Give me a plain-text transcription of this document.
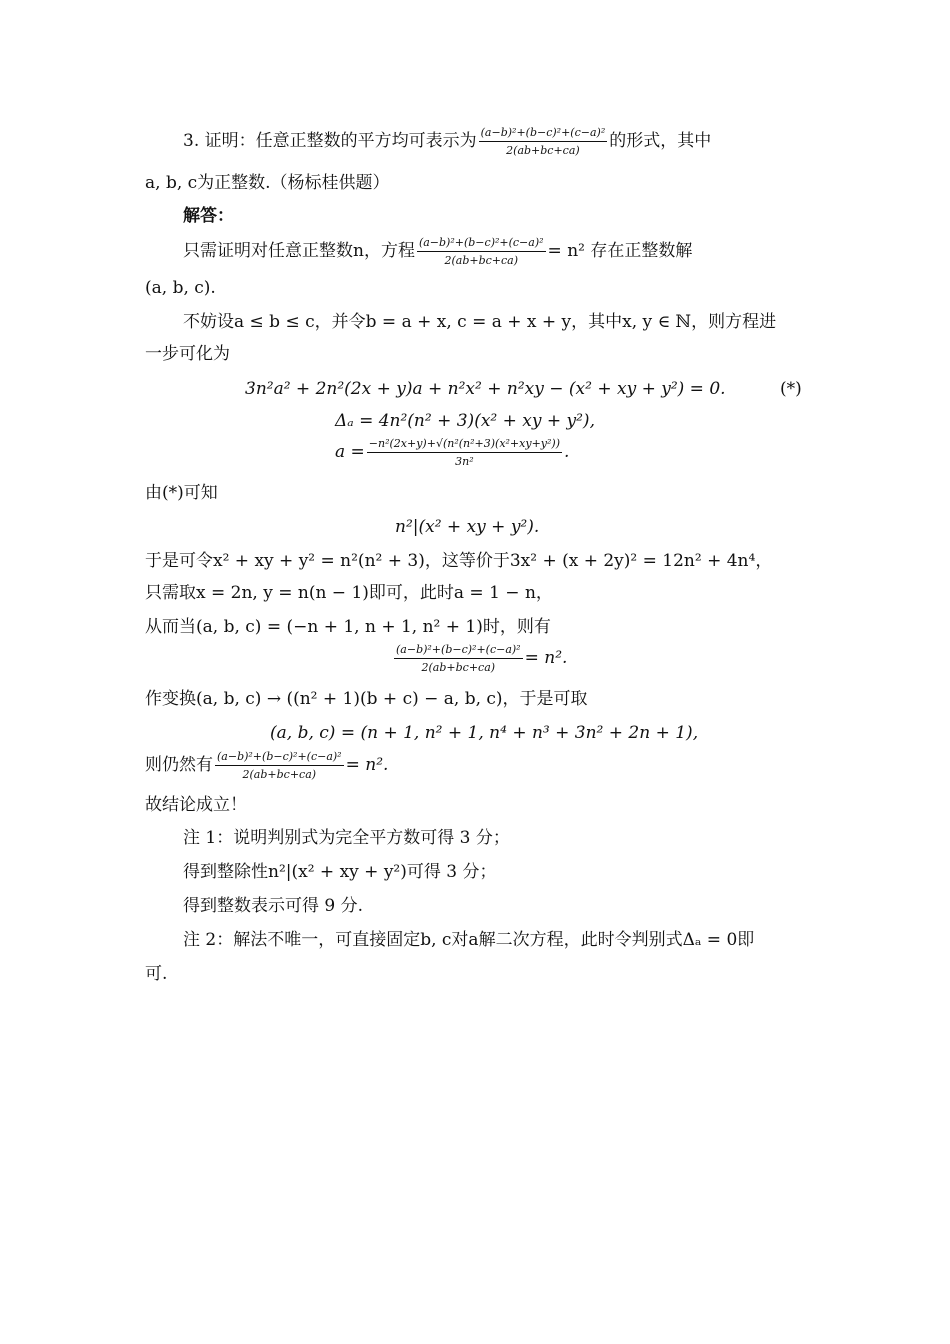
3. 证明：任意正整数的平方均可表示为 $\frac{\text{(a−b)²+(b−c)²+(c−a)²}}{2(ab+bc+ca)}$ 的形式，其中
a, b, c为正整数.（杨标桂供题）
解答：
只需证明对任意正整数n，方程 $\frac{\text{(a−b)²+(b−c)²+(c−a)²}}{2(ab+bc+ca)} = n^2$ 存在正整数解
(a, b, c).
不妨设a ≤ b ≤ c，并令b = a + x, c = a + x + y，其中x, y ∈ ℕ，则方程进
一步可化为
3n²a² + 2n²(2x + y)a + n²x² + n²xy − (x² + xy + y²) = 0.	(*)
Δₐ = 4n²(n² + 3)(x² + xy + y²),
$a = \frac{\text{−n²(2x+y)+√(n²(n²+3)(x²+xy+y²))}}{\text{3n²}}$ .
由(*)可知
n²|(x² + xy + y²).
于是可令x² + xy + y² = n²(n² + 3)，这等价于3x² + (x + 2y)² = 12n² + 4n⁴，
只需取x = 2n, y = n(n − 1)即可，此时a = 1 − n，
从而当(a, b, c) = (−n + 1, n + 1, n² + 1)时，则有
$\frac{\text{(a−b)²+(b−c)²+(c−a)²}}{2(ab+bc+ca)} = n^2$.
作变换(a, b, c) → ((n² + 1)(b + c) − a, b, c)，于是可取
(a, b, c) = (n + 1, n² + 1, n⁴ + n³ + 3n² + 2n + 1),
则仍然有 $\frac{\text{(a−b)²+(b−c)²+(c−a)²}}{2(ab+bc+ca)} = n^2$.
故结论成立！
注 1：说明判别式为完全平方数可得 3 分；
得到整除性n²|(x² + xy + y²)可得 3 分；
得到整数表示可得 9 分.
注 2：解法不唯一，可直接固定b, c对a解二次方程，此时令判别式Δₐ = 0即
可.
